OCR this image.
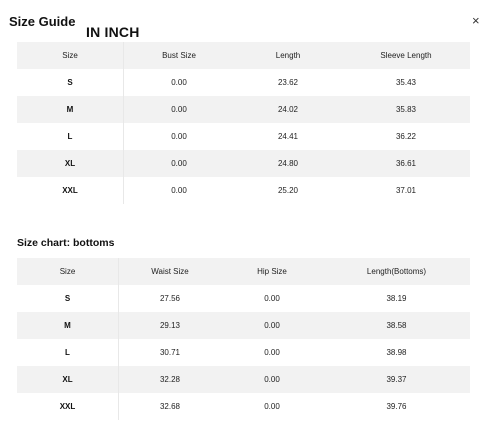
Size Guide
IN INCH
×
Size	Bust Size	Length	Sleeve Length
S	0.00	23.62	35.43
M	0.00	24.02	35.83
L	0.00	24.41	36.22
XL	0.00	24.80	36.61
XXL	0.00	25.20	37.01
Size chart: bottoms
Size	Waist Size	Hip Size	Length(Bottoms)
S	27.56	0.00	38.19
M	29.13	0.00	38.58
L	30.71	0.00	38.98
XL	32.28	0.00	39.37
XXL	32.68	0.00	39.76
